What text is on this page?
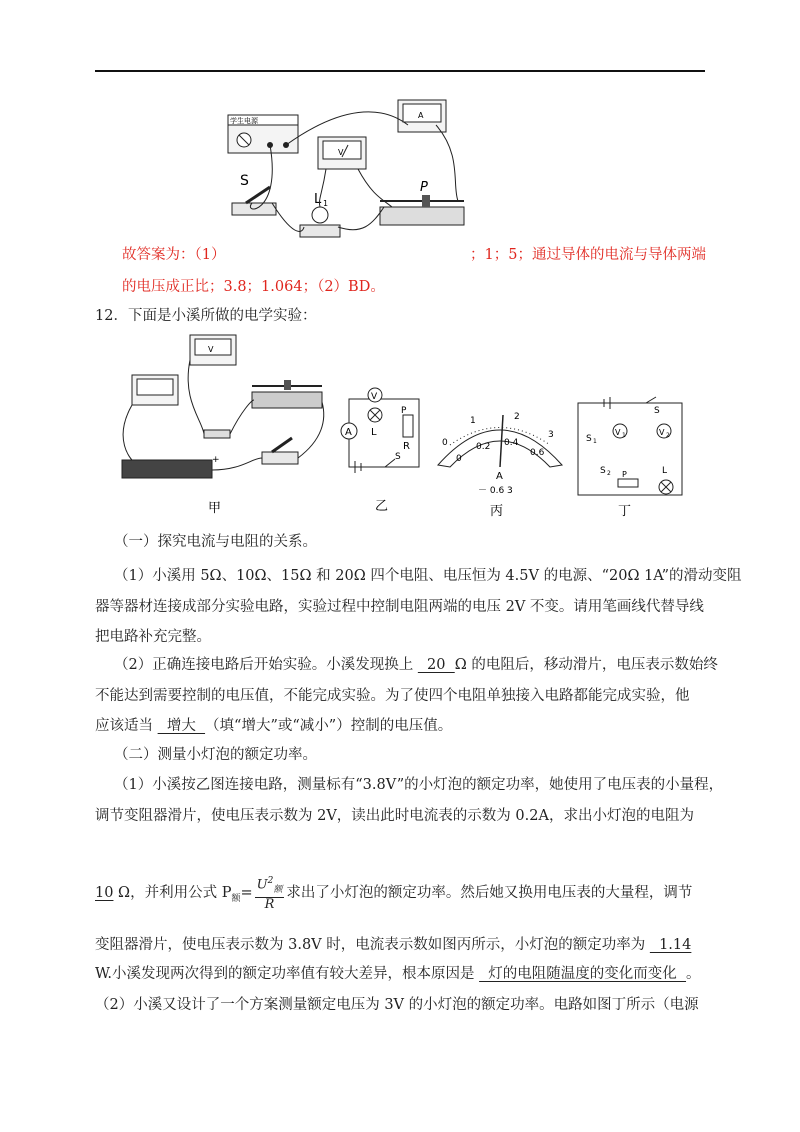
学生电源
V
A
S
L 1
P
故答案为：（1）	；1；5；通过导体的电流与导体两端
的电压成正比；3.8；1.064；（2）BD。
12．下面是小溪所做的电学实验：
V
+
甲
A
V
L
P
R
S
乙
0
1	2
3
0
0.2 0.4
0.6
A
－ 0.6 3
丙
S
V 1	V 2
S 1
S 2 P	L
丁
（一）探究电流与电阻的关系。
（1）小溪用 5Ω、10Ω、15Ω 和 20Ω 四个电阻、电压恒为 4.5V 的电源、“20Ω 1A”的滑动变阻
器等器材连接成部分实验电路，实验过程中控制电阻两端的电压 2V 不变。请用笔画线代替导线
把电路补充完整。
（2）正确连接电路后开始实验。小溪发现换上   20  Ω 的电阻后，移动滑片，电压表示数始终
不能达到需要控制的电压值，不能完成实验。为了使四个电阻单独接入电路都能完成实验，他
应该适当   增大  （填“增大”或“减小”）控制的电压值。
（二）测量小灯泡的额定功率。
（1）小溪按乙图连接电路，测量标有“3.8V”的小灯泡的额定功率，她使用了电压表的小量程，
调节变阻器滑片，使电压表示数为 2V，读出此时电流表的示数为 0.2A，求出小灯泡的电阻为
10 Ω，并利用公式 $P_额= \frac{U^2_额}{R}$ 求出了小灯泡的额定功率。然后她又换用电压表的大量程，调节
变阻器滑片，使电压表示数为 3.8V 时，电流表示数如图丙所示，小灯泡的额定功率为   1.14
W.小溪发现两次得到的额定功率值有较大差异，根本原因是   灯的电阻随温度的变化而变化  。
（2）小溪又设计了一个方案测量额定电压为 3V 的小灯泡的额定功率。电路如图丁所示（电源
